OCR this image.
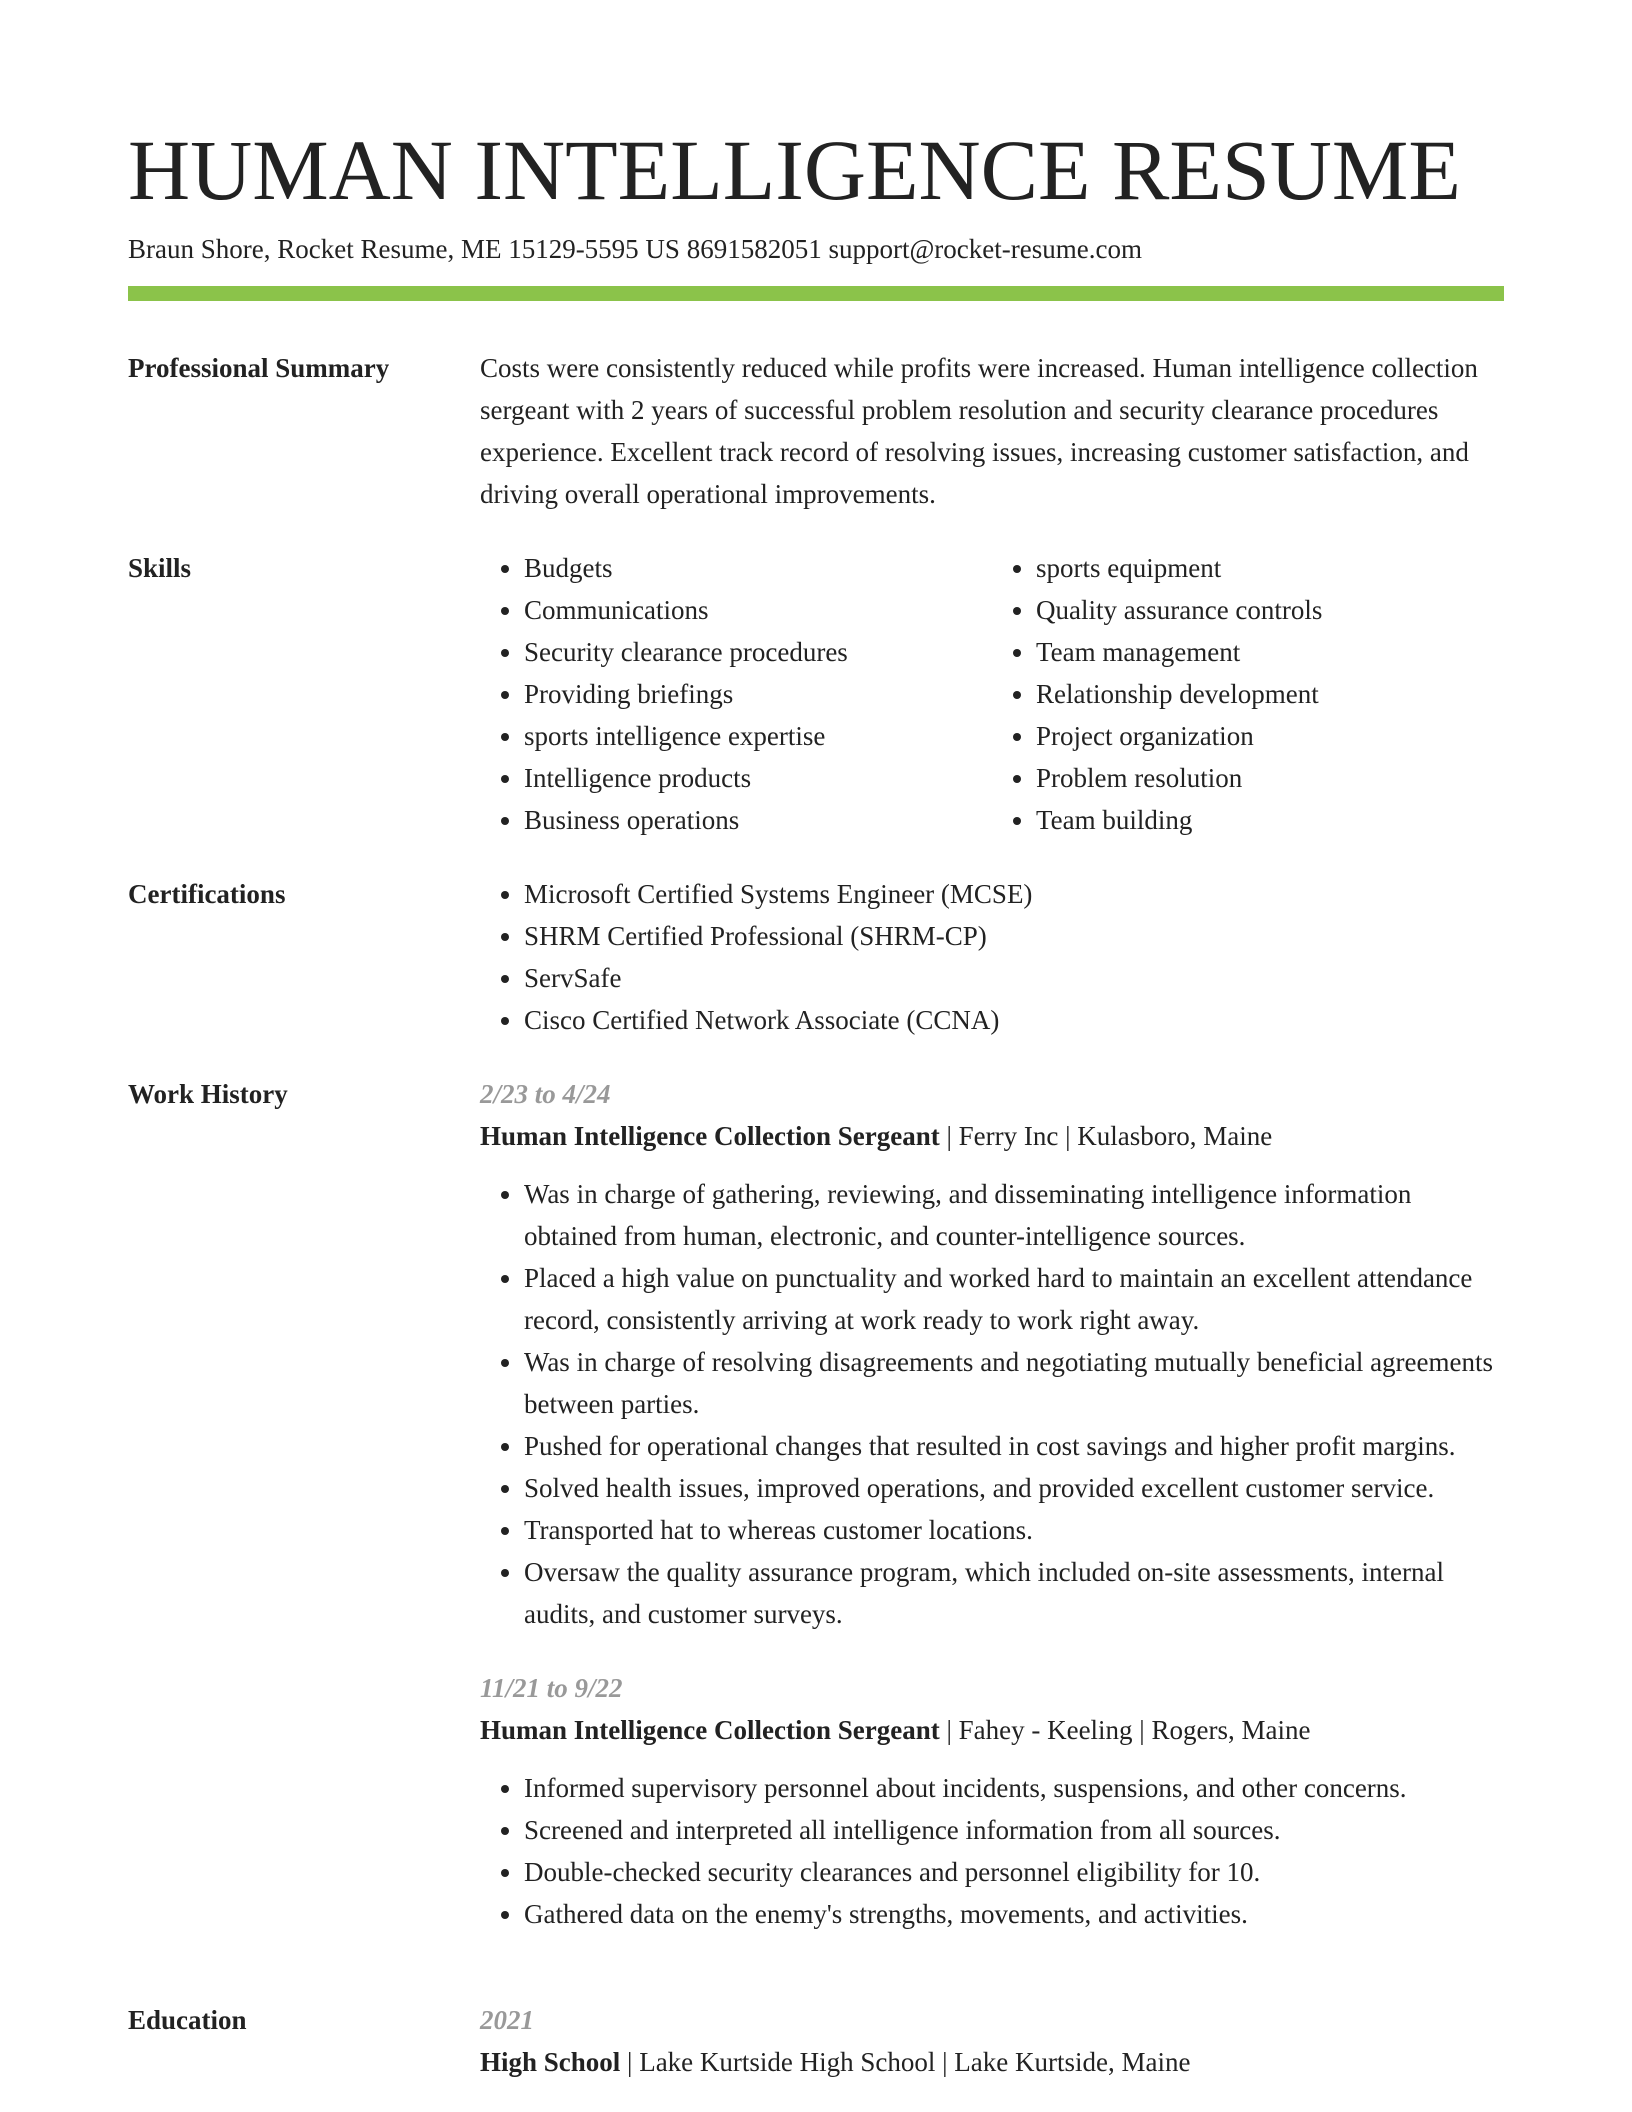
HUMAN INTELLIGENCE RESUME
Braun Shore, Rocket Resume, ME 15129-5595 US 8691582051 support@rocket-resume.com
Professional Summary	Costs were consistently reduced while profits were increased. Human intelligence collection sergeant with 2 years of successful problem resolution and security clearance procedures experience. Excellent track record of resolving issues, increasing customer satisfaction, and driving overall operational improvements.

Skills	• Budgets
• Communications
• Security clearance procedures
• Providing briefings
• sports intelligence expertise
• Intelligence products
• Business operations
• sports equipment
• Quality assurance controls
• Team management
• Relationship development
• Project organization
• Problem resolution
• Team building
Certifications	• Microsoft Certified Systems Engineer (MCSE)
• SHRM Certified Professional (SHRM-CP)
• ServSafe
• Cisco Certified Network Associate (CCNA)
Work History	2/23 to 4/24
Human Intelligence Collection Sergeant | Ferry Inc | Kulasboro, Maine
• Was in charge of gathering, reviewing, and disseminating intelligence information obtained from human, electronic, and counter-intelligence sources.
• Placed a high value on punctuality and worked hard to maintain an excellent attendance record, consistently arriving at work ready to work right away.
• Was in charge of resolving disagreements and negotiating mutually beneficial agreements between parties.
• Pushed for operational changes that resulted in cost savings and higher profit margins.
• Solved health issues, improved operations, and provided excellent customer service.
• Transported hat to whereas customer locations.
• Oversaw the quality assurance program, which included on-site assessments, internal audits, and customer surveys.
11/21 to 9/22
Human Intelligence Collection Sergeant | Fahey - Keeling | Rogers, Maine
• Informed supervisory personnel about incidents, suspensions, and other concerns.
• Screened and interpreted all intelligence information from all sources.
• Double-checked security clearances and personnel eligibility for 10.
• Gathered data on the enemy's strengths, movements, and activities.
Education	2021
High School | Lake Kurtside High School | Lake Kurtside, Maine
